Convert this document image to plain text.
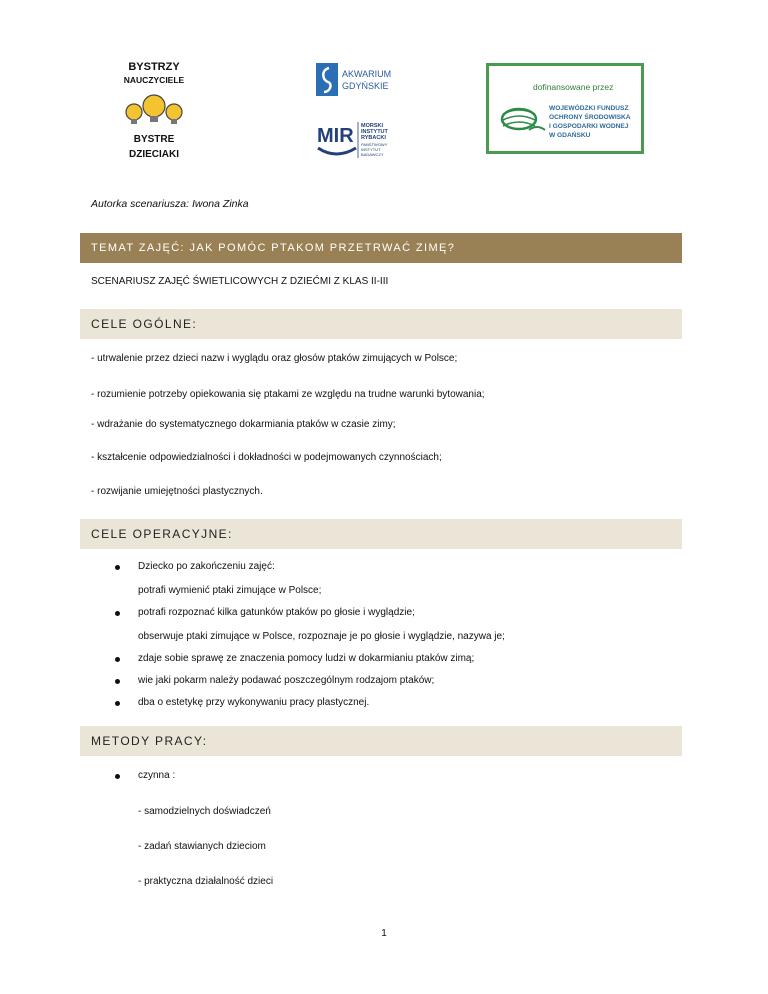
BYSTRZY
NAUCZYCIELE
BYSTRE
DZIECIAKI
AKWARIUM
GDYŃSKIE
MIR MORSKI
INSTYTUT
RYBACKI
PAŃSTWOWY
INSTYTUT
BADAWCZY
dofinansowane przez
WOJEWÓDZKI FUNDUSZ
OCHRONY ŚRODOWISKA
I GOSPODARKI WODNEJ
W GDAŃSKU
Autorka scenariusza: Iwona Zinka
TEMAT ZAJĘĆ: JAK POMÓC PTAKOM PRZETRWAĆ ZIMĘ?
SCENARIUSZ ZAJĘĆ ŚWIETLICOWYCH Z DZIEĆMI Z KLAS II-III
CELE OGÓLNE:
- utrwalenie przez dzieci nazw i wyglądu oraz głosów ptaków zimujących w Polsce;
- rozumienie potrzeby opiekowania się ptakami ze względu na trudne warunki bytowania;
- wdrażanie do systematycznego dokarmiania ptaków w czasie zimy;
- kształcenie odpowiedzialności i dokładności w podejmowanych czynnościach;
- rozwijanie umiejętności plastycznych.
CELE OPERACYJNE:
Dziecko po zakończeniu zajęć:
potrafi wymienić ptaki zimujące w Polsce;
potrafi rozpoznać kilka gatunków ptaków po głosie i wyglądzie;
obserwuje ptaki zimujące w Polsce, rozpoznaje je po głosie i wyglądzie, nazywa je;
zdaje sobie sprawę ze znaczenia pomocy ludzi w dokarmianiu ptaków zimą;
wie jaki pokarm należy podawać poszczególnym rodzajom ptaków;
dba o estetykę przy wykonywaniu pracy plastycznej.
METODY PRACY:
czynna :
- samodzielnych doświadczeń
- zadań stawianych dzieciom
- praktyczna działalność dzieci
1
